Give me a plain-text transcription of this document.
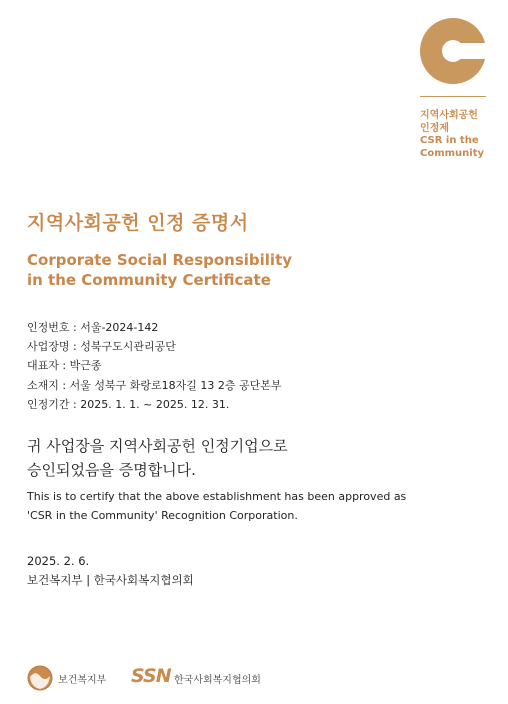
지역사회공헌
인정제
CSR in the
Community
지역사회공헌 인정 증명서
Corporate Social Responsibility
in the Community Certificate
인정번호 : 서울-2024-142
사업장명 : 성북구도시관리공단
대표자 : 박근종
소재지 : 서울 성북구 화랑로18자길 13 2층 공단본부
인정기간 : 2025. 1. 1. ~ 2025. 12. 31.
귀 사업장을 지역사회공헌 인정기업으로
승인되었음을 증명합니다.
This is to certify that the above establishment has been approved as
'CSR in the Community' Recognition Corporation.
2025. 2. 6.
보건복지부 | 한국사회복지협의회
보건복지부 SSN 한국사회복지협의회
